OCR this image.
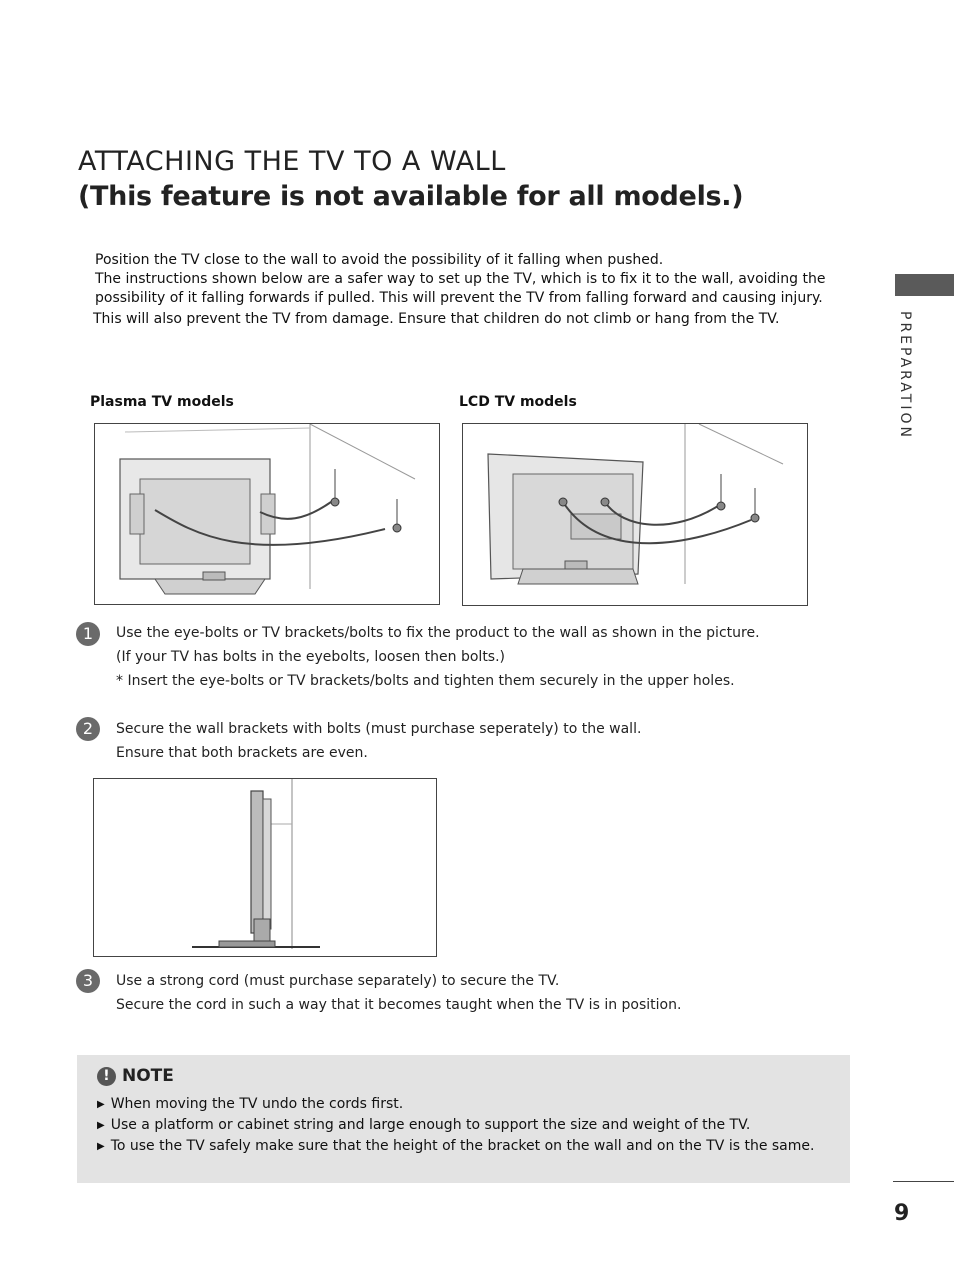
ATTACHING THE TV TO A WALL
(This feature is not available for all models.)

Position the TV close to the wall to avoid the possibility of it falling when pushed.

The instructions shown below are a safer way to set up the TV, which is to fix it to the wall, avoiding the possibility of it falling forwards if pulled. This will prevent the TV from falling forward and causing injury.

This will also prevent the TV from damage. Ensure that children do not climb or hang from the TV.	PREPARATION
Plasma TV models	LCD TV models
1	Use the eye-bolts or TV brackets/bolts to fix the product to the wall as shown in the picture.

(If your TV has bolts in the eyebolts, loosen then bolts.)

* Insert the eye-bolts or TV brackets/bolts and tighten them securely in the upper holes.

2	Secure the wall brackets with bolts (must purchase seperately) to the wall.

Ensure that both brackets are even.

3	Use a strong cord (must purchase separately) to secure the TV.

Secure the cord in such a way that it becomes taught when the TV is in position.

! NOTE
▶ When moving the TV undo the cords first.
▶ Use a platform or cabinet string and large enough to support the size and weight of the TV.
▶ To use the TV safely make sure that the height of the bracket on the wall and on the TV is the same.
9
